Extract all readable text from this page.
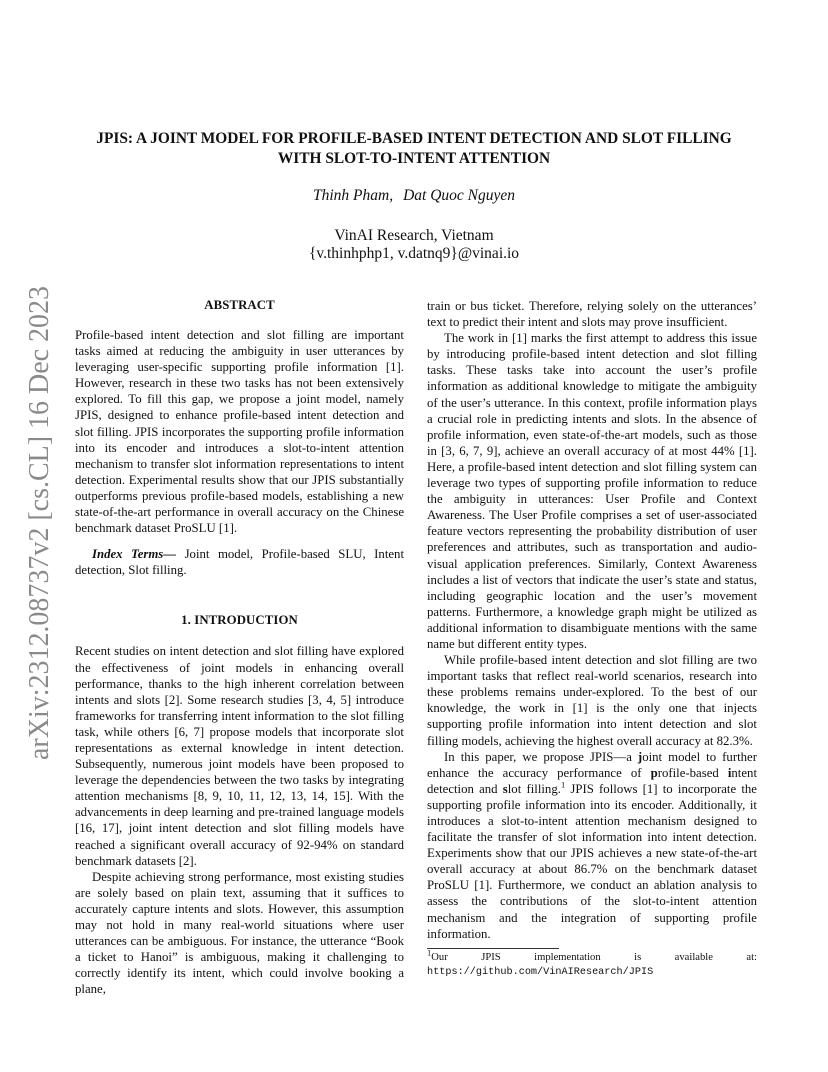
arXiv:2312.08737v2 [cs.CL] 16 Dec 2023
JPIS: A JOINT MODEL FOR PROFILE-BASED INTENT DETECTION AND SLOT FILLING
WITH SLOT-TO-INTENT ATTENTION
Thinh Pham, Dat Quoc Nguyen
VinAI Research, Vietnam
{v.thinhphp1, v.datnq9}@vinai.io
ABSTRACT

Profile-based intent detection and slot filling are important tasks aimed at reducing the ambiguity in user utterances by leveraging user-specific supporting profile information [1]. However, research in these two tasks has not been extensively explored. To fill this gap, we propose a joint model, namely JPIS, designed to enhance profile-based intent detection and slot filling. JPIS incorporates the supporting profile information into its encoder and introduces a slot-to-intent attention mechanism to transfer slot information representations to intent detection. Experimental results show that our JPIS substantially outperforms previous profile-based models, establishing a new state-of-the-art performance in overall accuracy on the Chinese benchmark dataset ProSLU [1].

Index Terms— Joint model, Profile-based SLU, Intent detection, Slot filling.

1. INTRODUCTION

Recent studies on intent detection and slot filling have explored the effectiveness of joint models in enhancing overall performance, thanks to the high inherent correlation between intents and slots [2]. Some research studies [3, 4, 5] introduce frameworks for transferring intent information to the slot filling task, while others [6, 7] propose models that incorporate slot representations as external knowledge in intent detection. Subsequently, numerous joint models have been proposed to leverage the dependencies between the two tasks by integrating attention mechanisms [8, 9, 10, 11, 12, 13, 14, 15]. With the advancements in deep learning and pre-trained language models [16, 17], joint intent detection and slot filling models have reached a significant overall accuracy of 92-94% on standard benchmark datasets [2].

Despite achieving strong performance, most existing studies are solely based on plain text, assuming that it suffices to accurately capture intents and slots. However, this assumption may not hold in many real-world situations where user utterances can be ambiguous. For instance, the utterance “Book a ticket to Hanoi” is ambiguous, making it challenging to correctly identify its intent, which could involve booking a plane,

train or bus ticket. Therefore, relying solely on the utterances’ text to predict their intent and slots may prove insufficient.

The work in [1] marks the first attempt to address this issue by introducing profile-based intent detection and slot filling tasks. These tasks take into account the user’s profile information as additional knowledge to mitigate the ambiguity of the user’s utterance. In this context, profile information plays a crucial role in predicting intents and slots. In the absence of profile information, even state-of-the-art models, such as those in [3, 6, 7, 9], achieve an overall accuracy of at most 44% [1]. Here, a profile-based intent detection and slot filling system can leverage two types of supporting profile information to reduce the ambiguity in utterances: User Profile and Context Awareness. The User Profile comprises a set of user-associated feature vectors representing the probability distribution of user preferences and attributes, such as transportation and audio-visual application preferences. Similarly, Context Awareness includes a list of vectors that indicate the user’s state and status, including geographic location and the user’s movement patterns. Furthermore, a knowledge graph might be utilized as additional information to disambiguate mentions with the same name but different entity types.

While profile-based intent detection and slot filling are two important tasks that reflect real-world scenarios, research into these problems remains under-explored. To the best of our knowledge, the work in [1] is the only one that injects supporting profile information into intent detection and slot filling models, achieving the highest overall accuracy at 82.3%.

In this paper, we propose JPIS—a joint model to further enhance the accuracy performance of profile-based intent detection and slot filling.$^1$ JPIS follows [1] to incorporate the supporting profile information into its encoder. Additionally, it introduces a slot-to-intent attention mechanism designed to facilitate the transfer of slot information into intent detection. Experiments show that our JPIS achieves a new state-of-the-art overall accuracy at about 86.7% on the benchmark dataset ProSLU [1]. Furthermore, we conduct an ablation analysis to assess the contributions of the slot-to-intent attention mechanism and the integration of supporting profile information.

$^1$Our JPIS implementation is available at: https://github.com/VinAIResearch/JPIS
